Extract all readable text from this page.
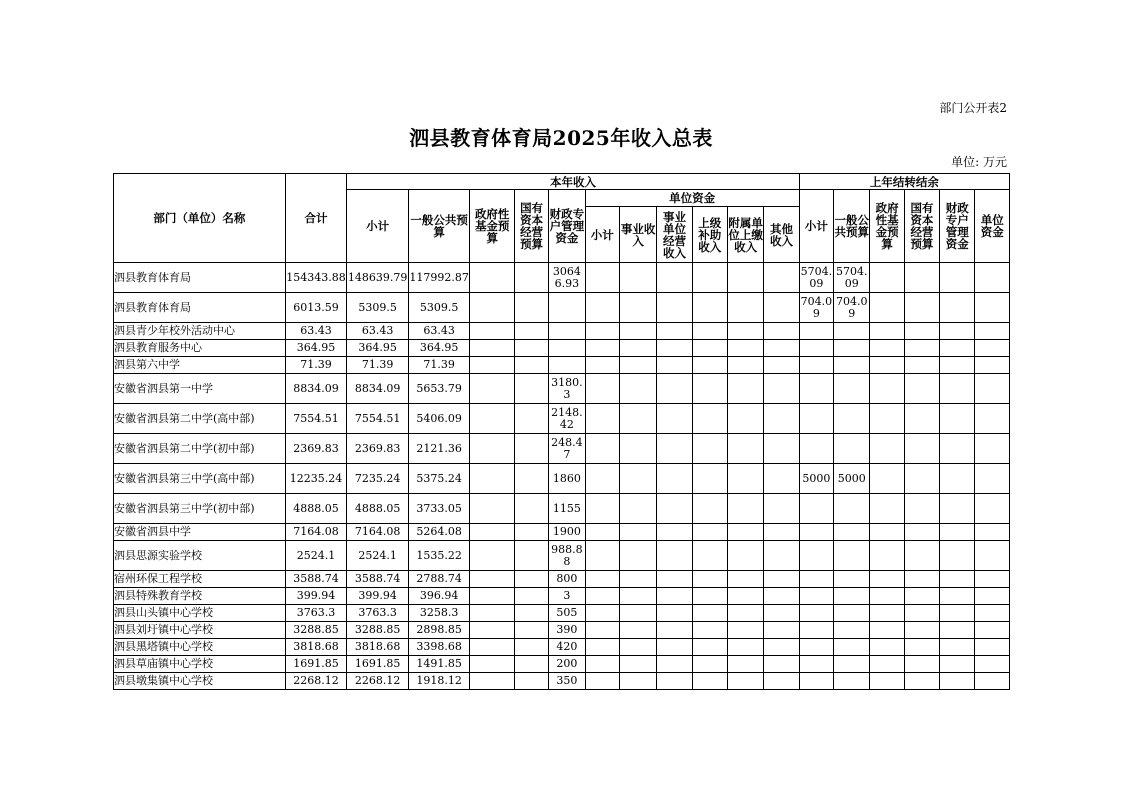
部门公开表2
泗县教育体育局2025年收入总表
单位: 万元
部门（单位）名称	合计	本年收入											上年结转结余					
		小计	一般公共预算	政府性基金预算	国有资本经营预算	财政专户管理资金	单位资金						小计	一般公共预算	政府性基金预算	国有资本经营预算	财政专户管理资金	单位资金
							小计	事业收入	事业单位经营收入	上级补助收入	附属单位上缴收入	其他收入						
泗县教育体育局	154343.88	148639.79	117992.87			30646.93							5704.09	5704.09				
泗县教育体育局	6013.59	5309.5	5309.5										704.09	704.09				
泗县青少年校外活动中心	63.43	63.43	63.43															
泗县教育服务中心	364.95	364.95	364.95															
泗县第六中学	71.39	71.39	71.39															
安徽省泗县第一中学	8834.09	8834.09	5653.79			3180.3												
安徽省泗县第二中学(高中部)	7554.51	7554.51	5406.09			2148.42												
安徽省泗县第二中学(初中部)	2369.83	2369.83	2121.36			248.47												
安徽省泗县第三中学(高中部)	12235.24	7235.24	5375.24			1860							5000	5000				
安徽省泗县第三中学(初中部)	4888.05	4888.05	3733.05			1155												
安徽省泗县中学	7164.08	7164.08	5264.08			1900												
泗县思源实验学校	2524.1	2524.1	1535.22			988.88												
宿州环保工程学校	3588.74	3588.74	2788.74			800												
泗县特殊教育学校	399.94	399.94	396.94			3												
泗县山头镇中心学校	3763.3	3763.3	3258.3			505												
泗县刘圩镇中心学校	3288.85	3288.85	2898.85			390												
泗县黑塔镇中心学校	3818.68	3818.68	3398.68			420												
泗县草庙镇中心学校	1691.85	1691.85	1491.85			200												
泗县墩集镇中心学校	2268.12	2268.12	1918.12			350												
